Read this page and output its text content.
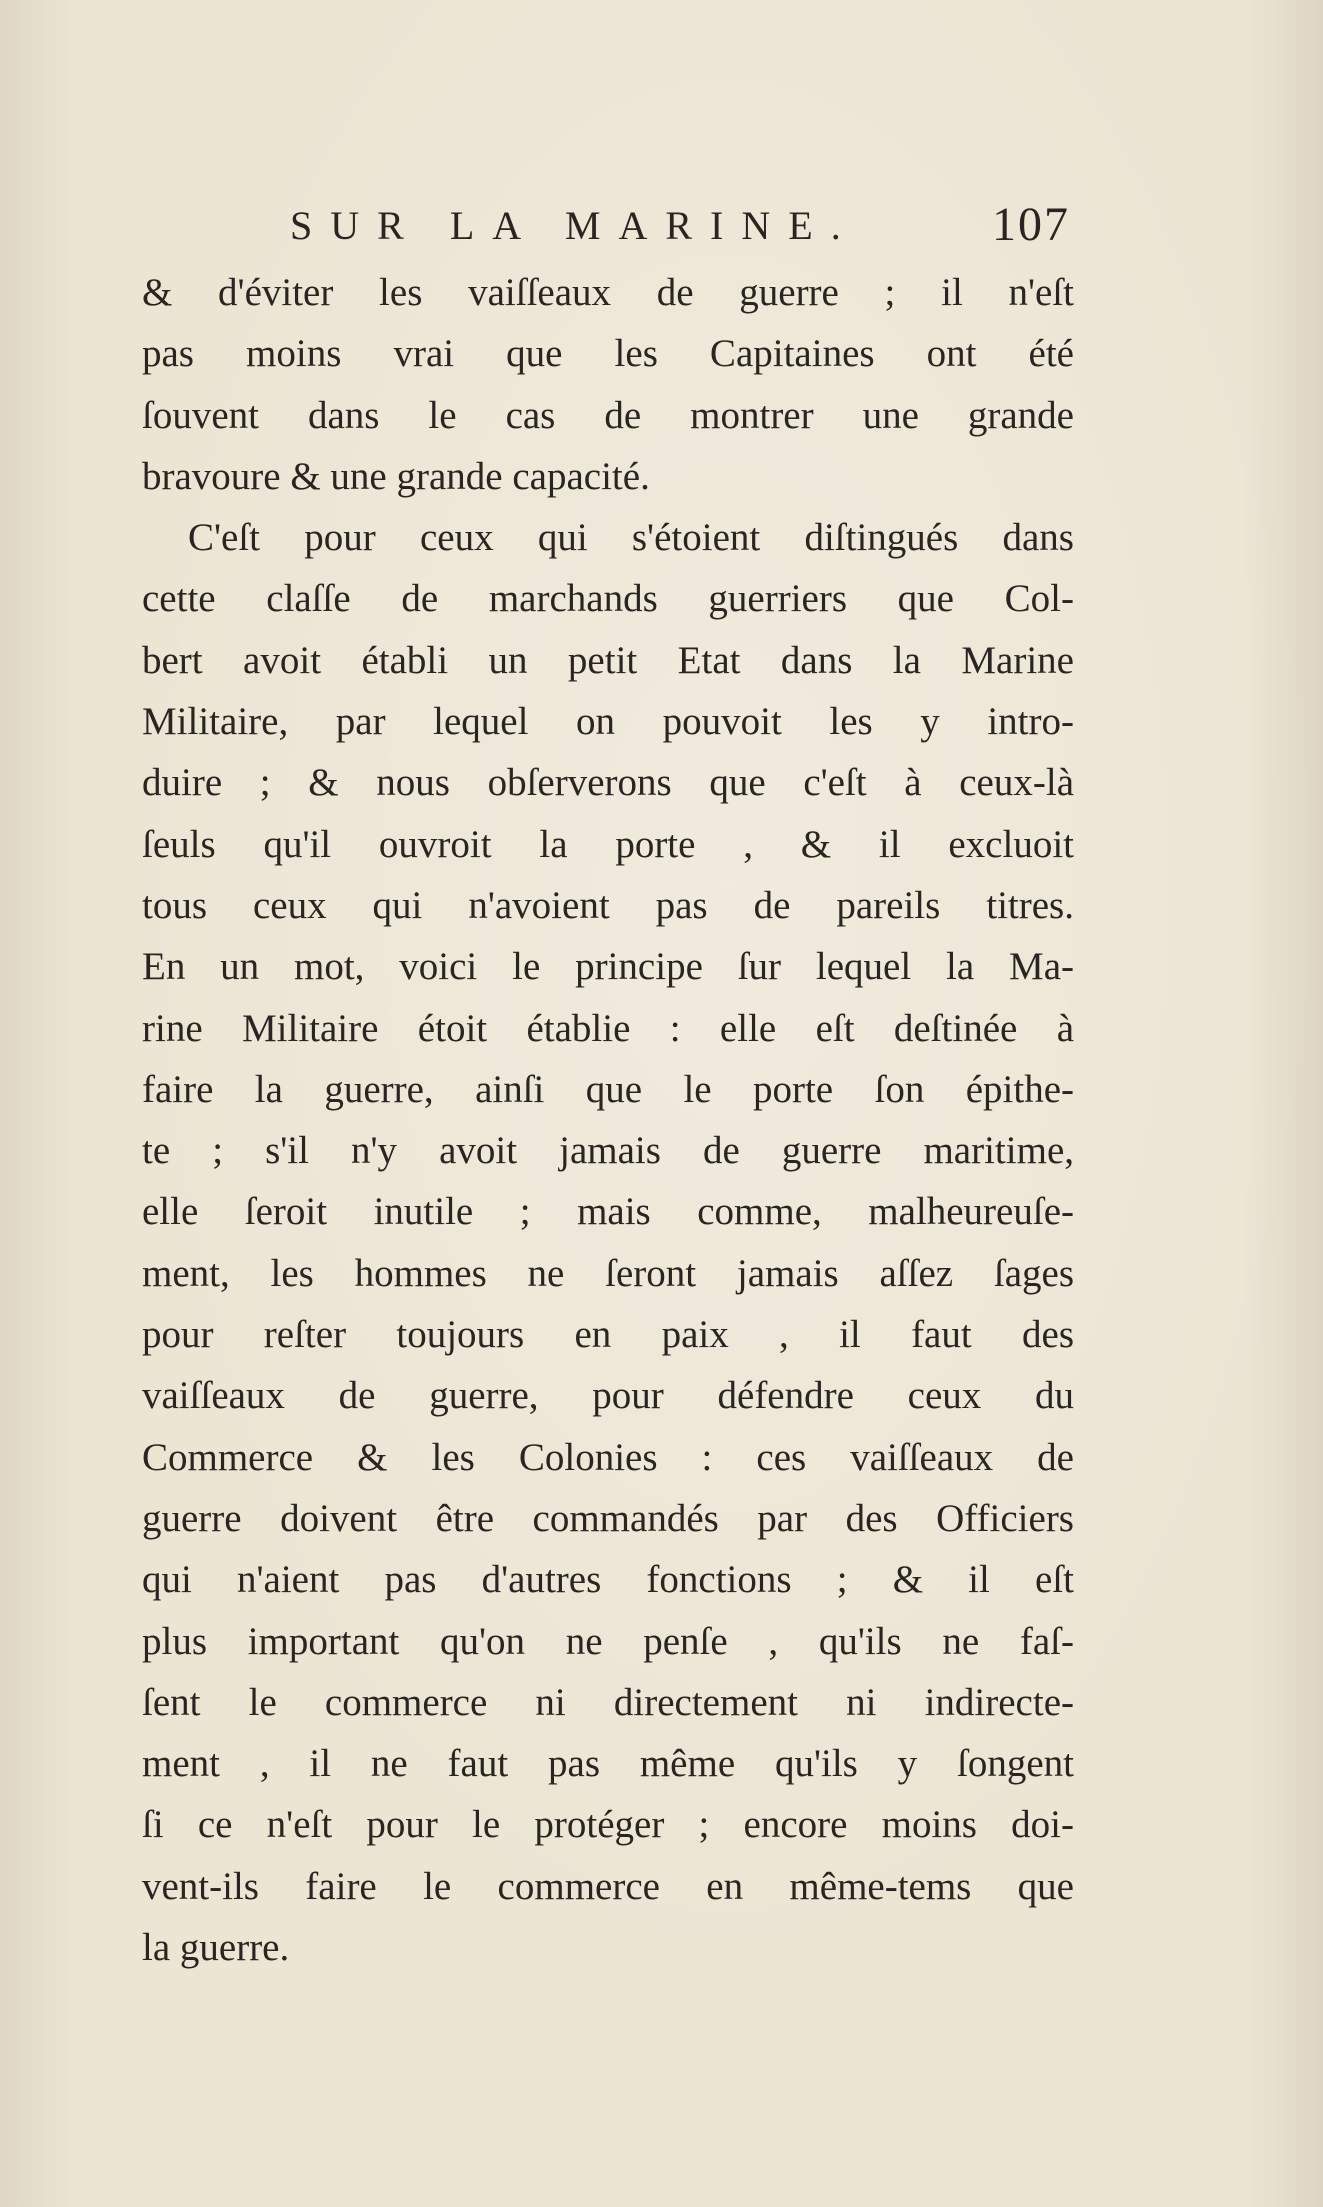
SUR LA MARINE.	107
& d'éviter les vaiſſeaux de guerre ; il n'eſt
pas moins vrai que les Capitaines ont été
ſouvent dans le cas de montrer une grande
bravoure & une grande capacité.
C'eſt pour ceux qui s'étoient diſtingués dans
cette claſſe de marchands guerriers que Col-
bert avoit établi un petit Etat dans la Marine
Militaire, par lequel on pouvoit les y intro-
duire ; & nous obſerverons que c'eſt à ceux-là
ſeuls qu'il ouvroit la porte , & il excluoit
tous ceux qui n'avoient pas de pareils titres.
En un mot, voici le principe ſur lequel la Ma-
rine Militaire étoit établie : elle eſt deſtinée à
faire la guerre, ainſi que le porte ſon épithe-
te ; s'il n'y avoit jamais de guerre maritime,
elle ſeroit inutile ; mais comme, malheureuſe-
ment, les hommes ne ſeront jamais aſſez ſages
pour reſter toujours en paix , il faut des
vaiſſeaux de guerre, pour défendre ceux du
Commerce & les Colonies : ces vaiſſeaux de
guerre doivent être commandés par des Officiers
qui n'aient pas d'autres fonctions ; & il eſt
plus important qu'on ne penſe , qu'ils ne faſ-
ſent le commerce ni directement ni indirecte-
ment , il ne faut pas même qu'ils y ſongent
ſi ce n'eſt pour le protéger ; encore moins doi-
vent-ils faire le commerce en même-tems que
la guerre.
